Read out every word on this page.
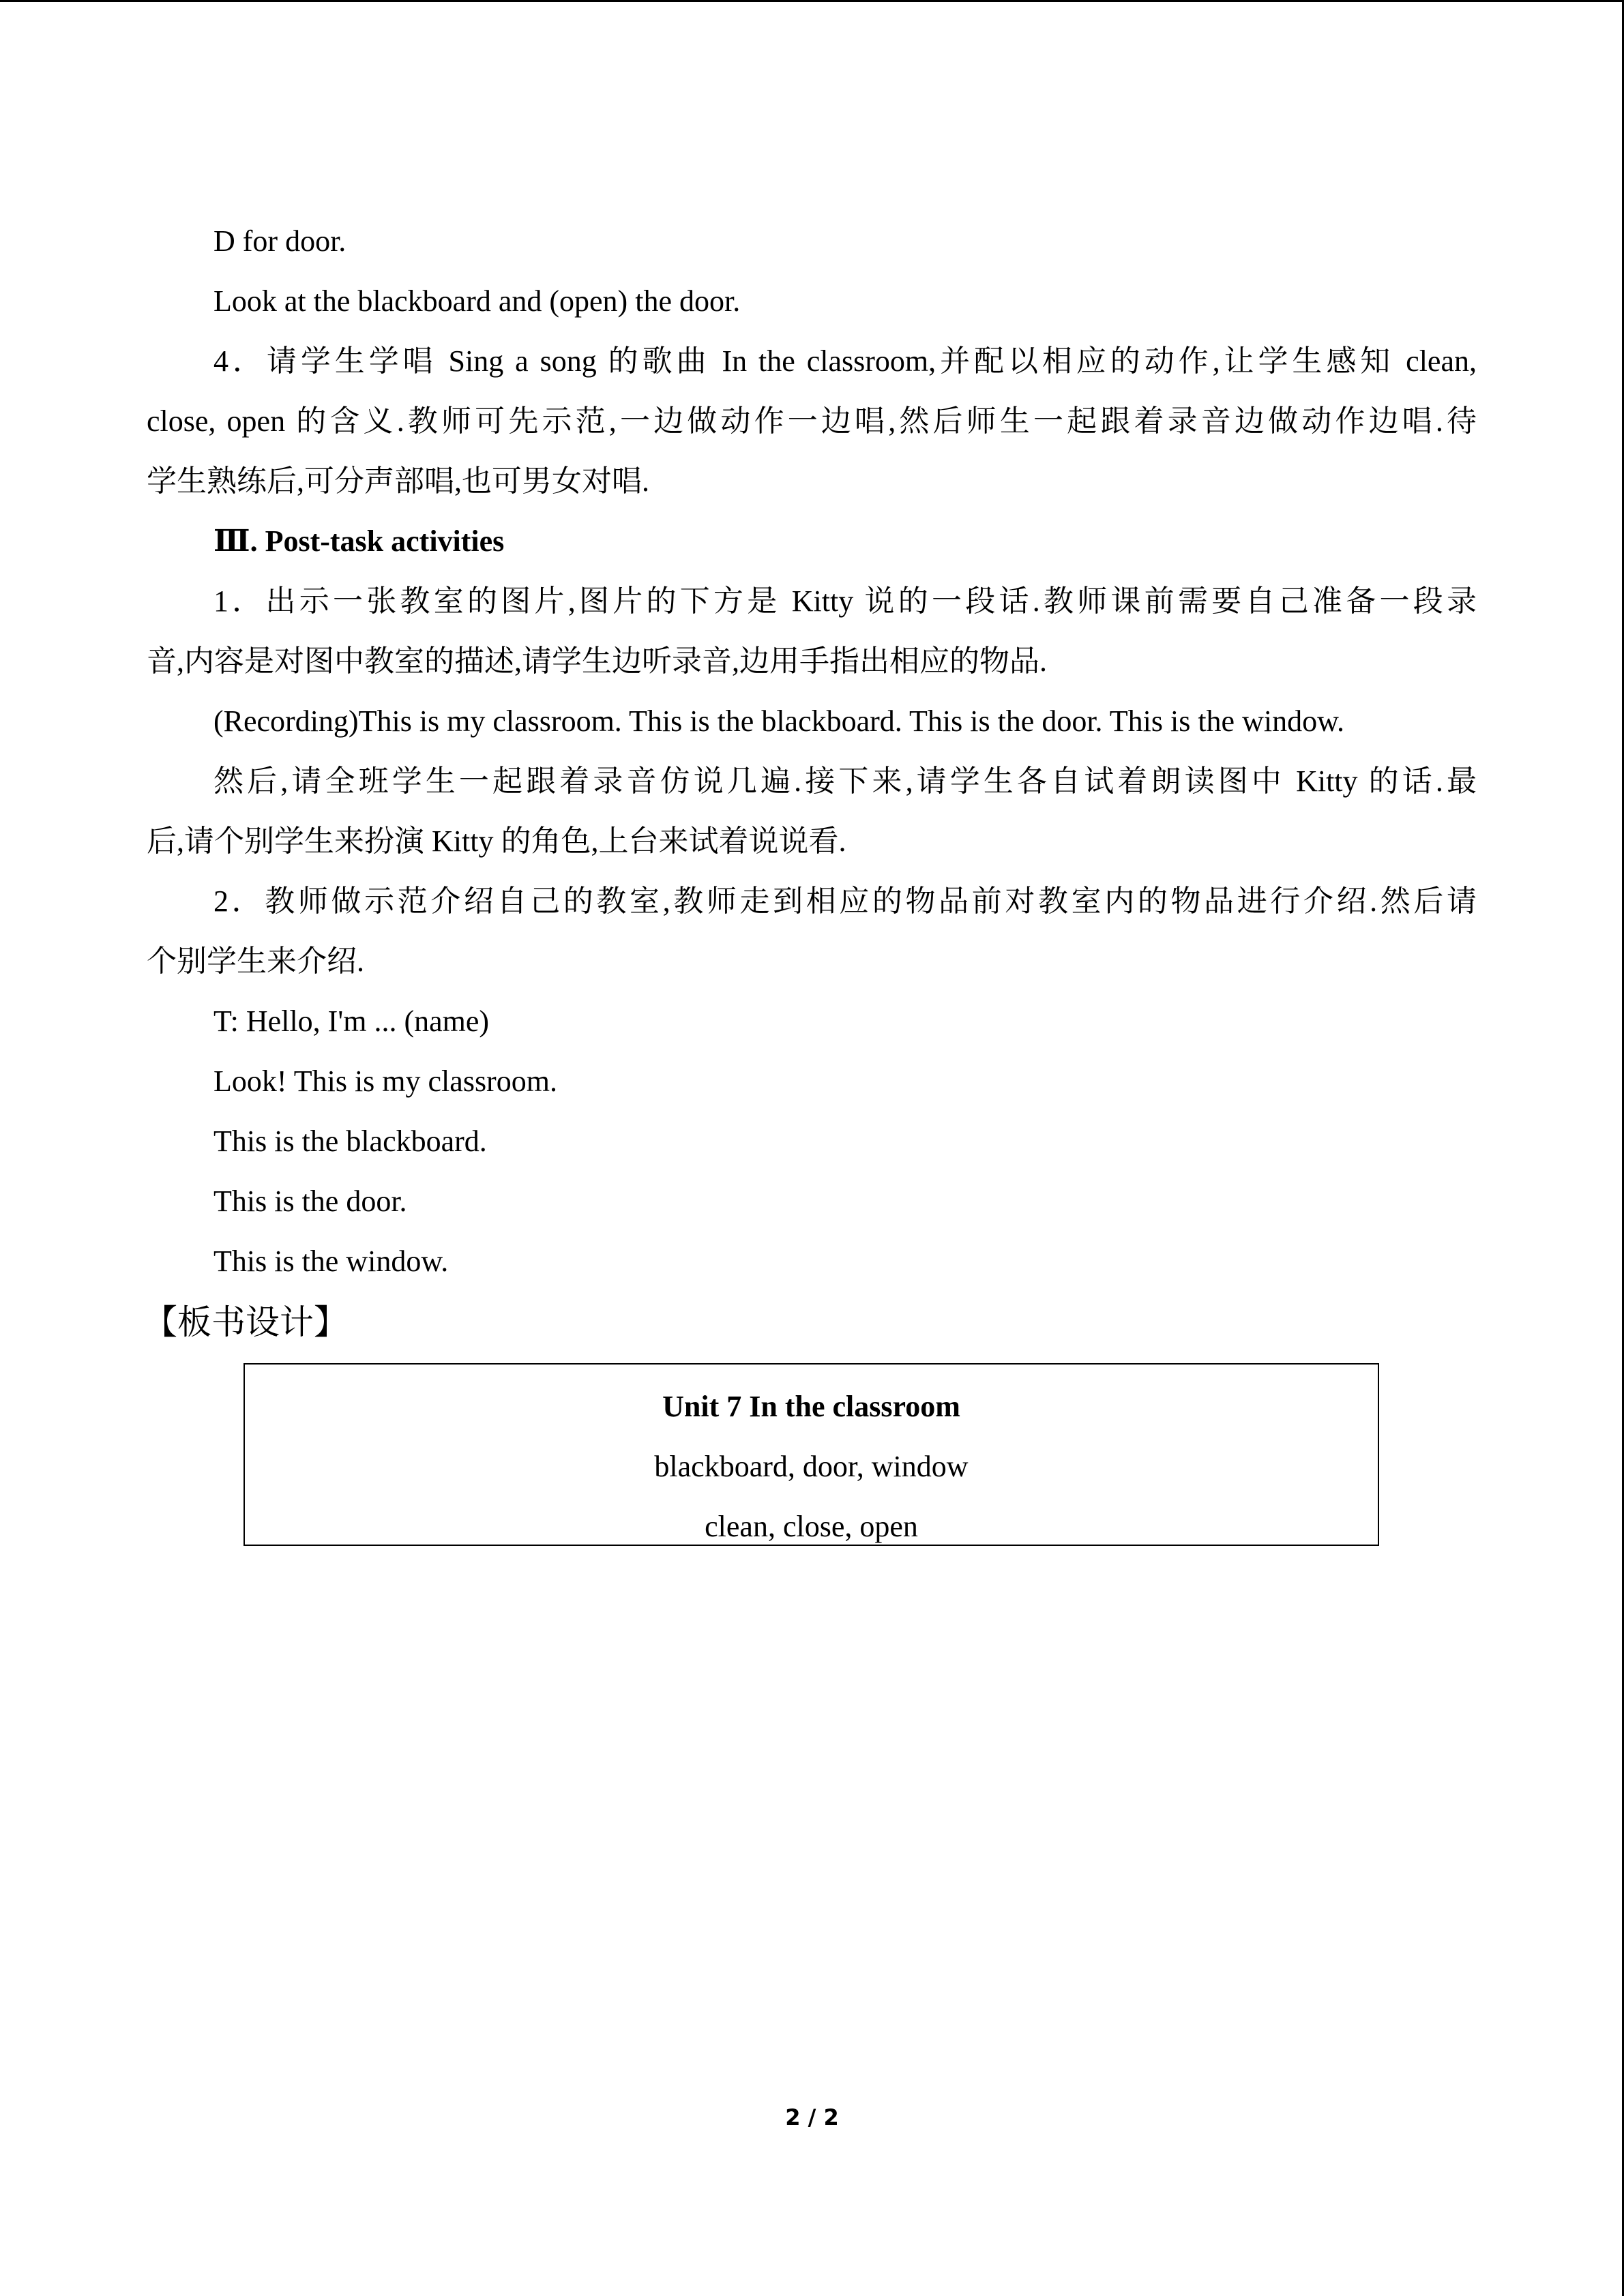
D for door.
Look at the blackboard and (open) the door.
4．请学生学唱 Sing a song 的歌曲 In the classroom,并配以相应的动作,让学生感知 clean,
close, open 的含义.教师可先示范,一边做动作一边唱,然后师生一起跟着录音边做动作边唱.待
学生熟练后,可分声部唱,也可男女对唱.
Ⅲ. Post-task activities
1．出示一张教室的图片,图片的下方是 Kitty 说的一段话.教师课前需要自己准备一段录
音,内容是对图中教室的描述,请学生边听录音,边用手指出相应的物品.
(Recording)This is my classroom. This is the blackboard. This is the door. This is the window.
然后,请全班学生一起跟着录音仿说几遍.接下来,请学生各自试着朗读图中 Kitty 的话.最
后,请个别学生来扮演 Kitty 的角色,上台来试着说说看.
2．教师做示范介绍自己的教室,教师走到相应的物品前对教室内的物品进行介绍.然后请
个别学生来介绍.
T: Hello, I'm ... (name)
Look! This is my classroom.
This is the blackboard.
This is the door.
This is the window.
【板书设计】
Unit 7 In the classroom
blackboard, door, window
clean, close, open
2 / 2
